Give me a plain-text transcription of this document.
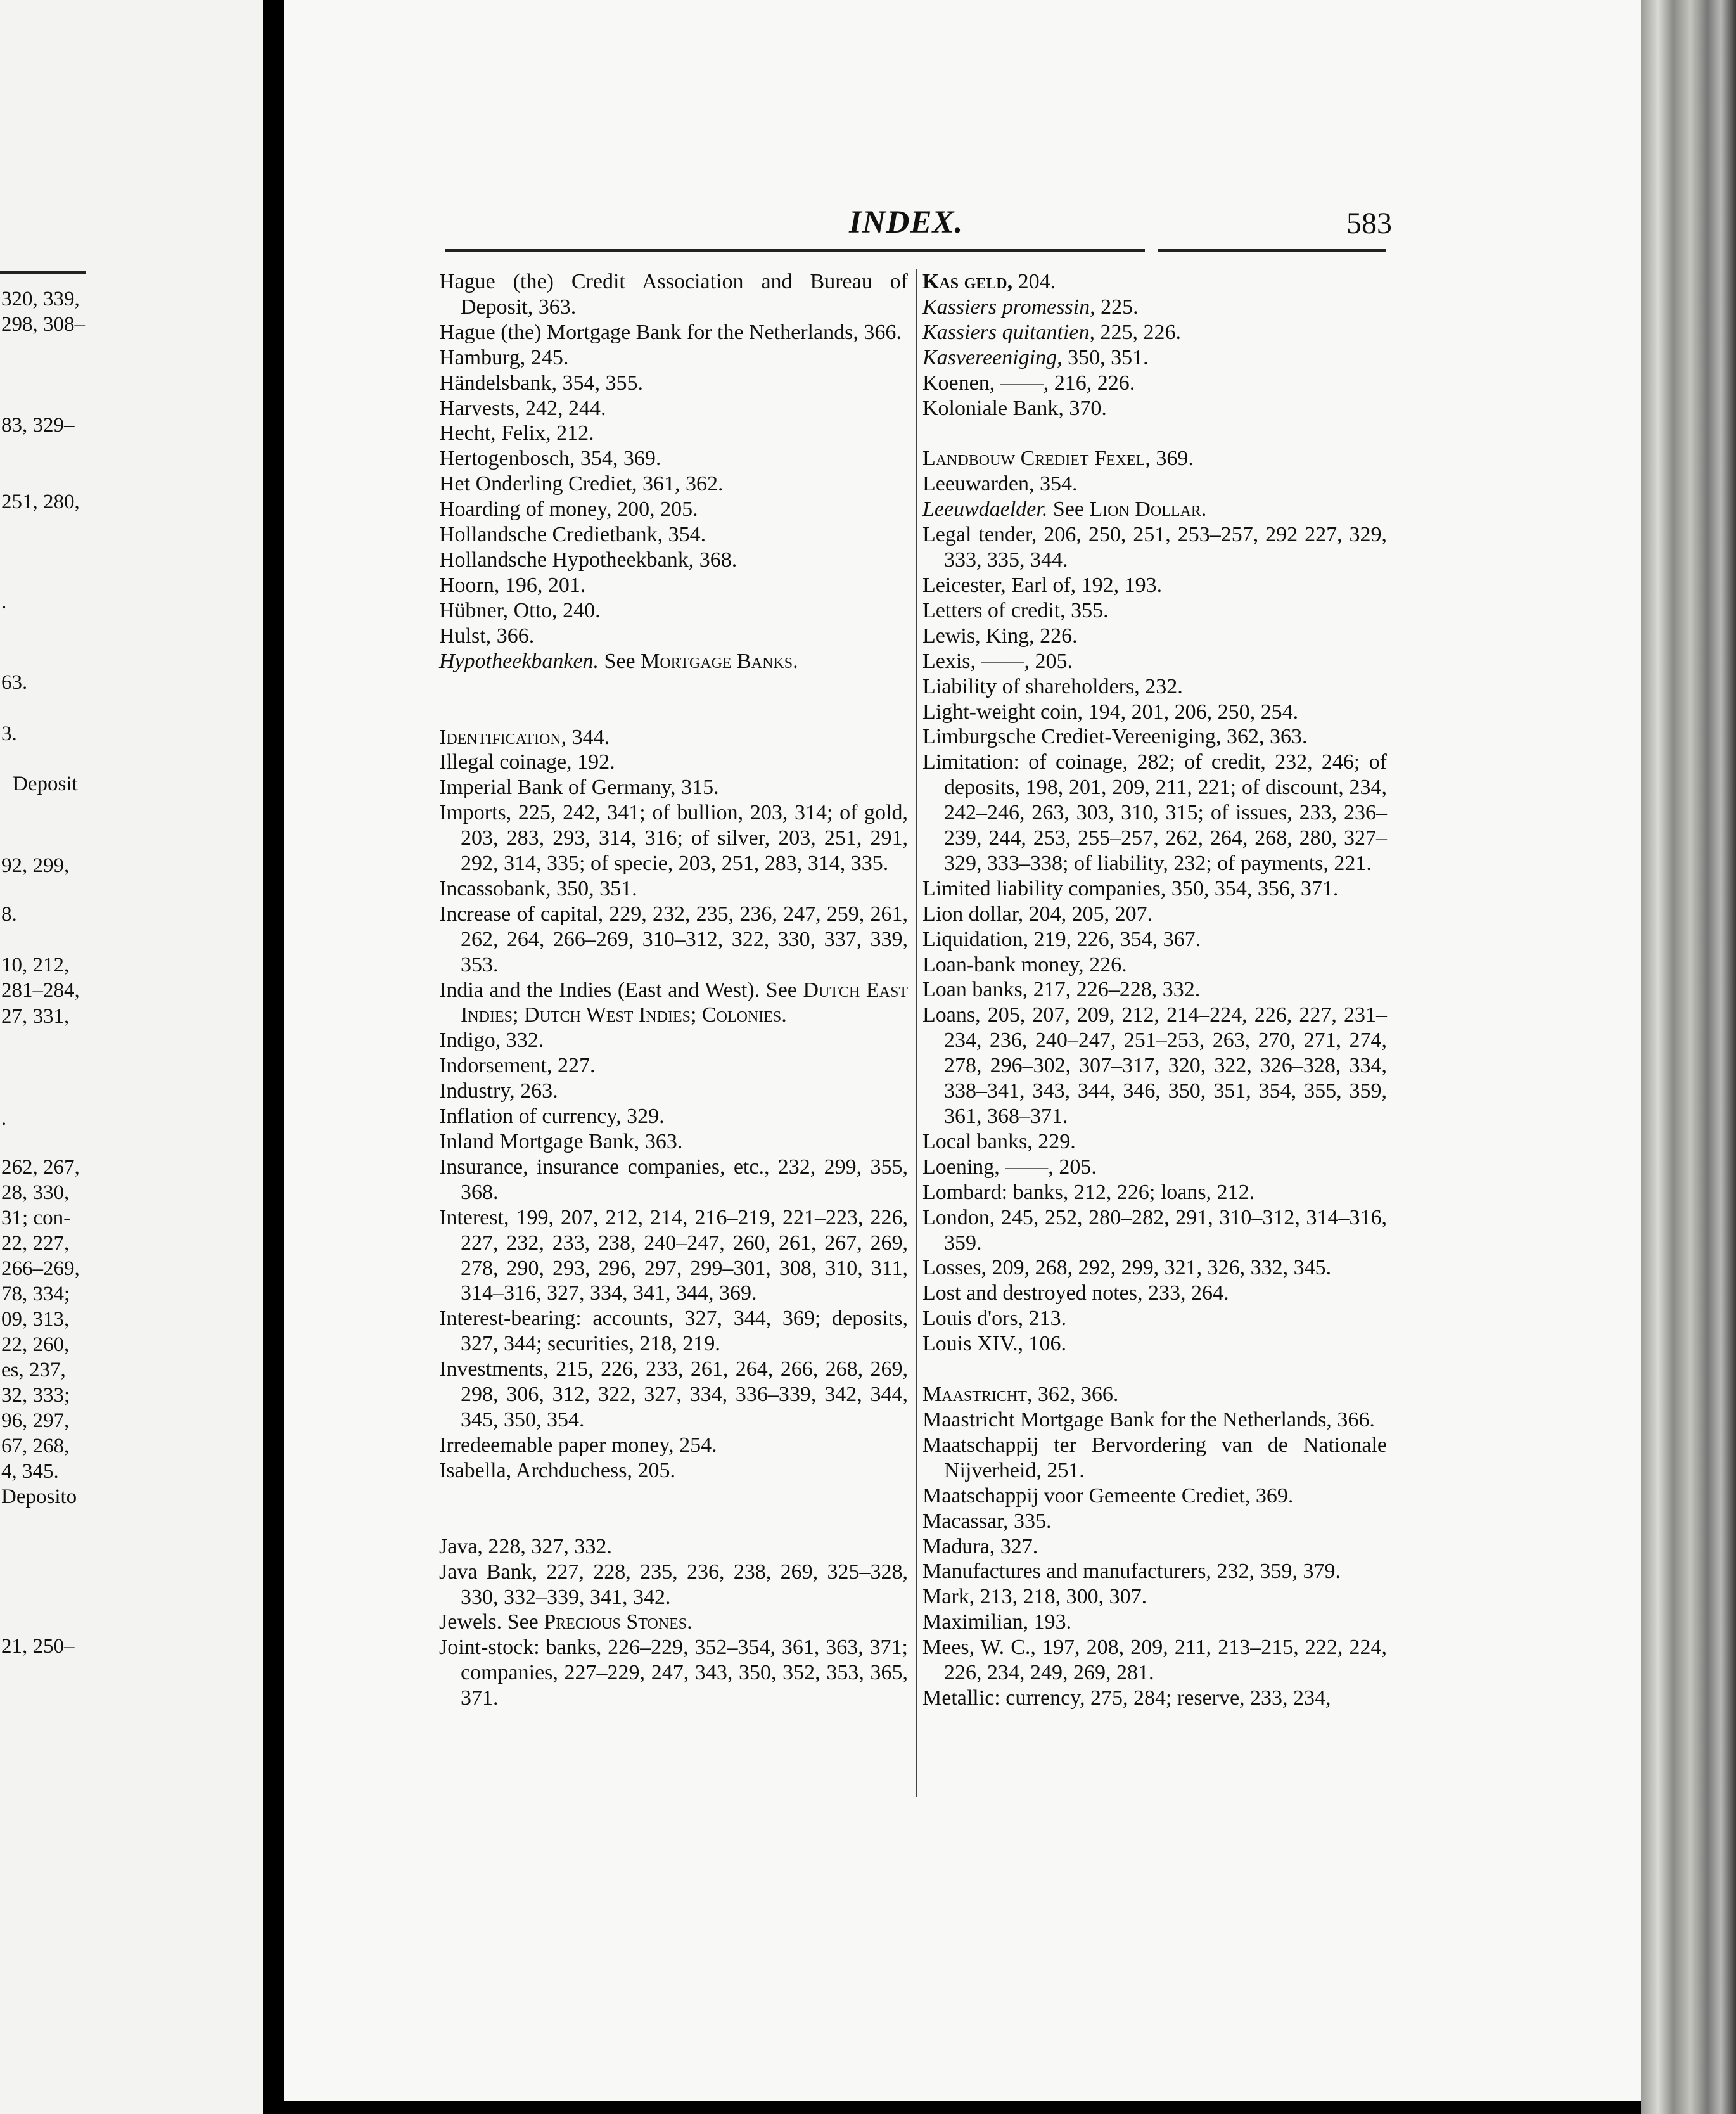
320, 339,

298, 308–

83, 329–

251, 280,

.

63.

3.

Deposit

92, 299,

8.

10, 212,

281–284,

27, 331,

.

262, 267,

28, 330,

31; con-

22, 227,

266–269,

78, 334;

09, 313,

22, 260,

es, 237,

32, 333;

96, 297,

67, 268,

4, 345.

Deposito

21, 250–

INDEX.	583

Hague (the) Credit Association and Bureau of Deposit, 363.
Hague (the) Mortgage Bank for the Netherlands, 366.
Hamburg, 245.
Händelsbank, 354, 355.
Harvests, 242, 244.
Hecht, Felix, 212.
Hertogenbosch, 354, 369.
Het Onderling Crediet, 361, 362.
Hoarding of money, 200, 205.
Hollandsche Credietbank, 354.
Hollandsche Hypotheekbank, 368.
Hoorn, 196, 201.
Hübner, Otto, 240.
Hulst, 366.
Hypotheekbanken. See Mortgage Banks.
Identification, 344.
Illegal coinage, 192.
Imperial Bank of Germany, 315.
Imports, 225, 242, 341; of bullion, 203, 314; of gold, 203, 283, 293, 314, 316; of silver, 203, 251, 291, 292, 314, 335; of specie, 203, 251, 283, 314, 335.
Incassobank, 350, 351.
Increase of capital, 229, 232, 235, 236, 247, 259, 261, 262, 264, 266–269, 310–312, 322, 330, 337, 339, 353.
India and the Indies (East and West). See Dutch East Indies; Dutch West Indies; Colonies.
Indigo, 332.
Indorsement, 227.
Industry, 263.
Inflation of currency, 329.
Inland Mortgage Bank, 363.
Insurance, insurance companies, etc., 232, 299, 355, 368.
Interest, 199, 207, 212, 214, 216–219, 221–223, 226, 227, 232, 233, 238, 240–247, 260, 261, 267, 269, 278, 290, 293, 296, 297, 299–301, 308, 310, 311, 314–316, 327, 334, 341, 344, 369.
Interest-bearing: accounts, 327, 344, 369; deposits, 327, 344; securities, 218, 219.
Investments, 215, 226, 233, 261, 264, 266, 268, 269, 298, 306, 312, 322, 327, 334, 336–339, 342, 344, 345, 350, 354.
Irredeemable paper money, 254.
Isabella, Archduchess, 205.
Java, 228, 327, 332.
Java Bank, 227, 228, 235, 236, 238, 269, 325–328, 330, 332–339, 341, 342.
Jewels. See Precious Stones.
Joint-stock: banks, 226–229, 352–354, 361, 363, 371; companies, 227–229, 247, 343, 350, 352, 353, 365, 371.
Kas geld, 204.
Kassiers promessin, 225.
Kassiers quitantien, 225, 226.
Kasvereeniging, 350, 351.
Koenen, ——, 216, 226.
Koloniale Bank, 370.
Landbouw Crediet Fexel, 369.
Leeuwarden, 354.
Leeuwdaelder. See Lion Dollar.
Legal tender, 206, 250, 251, 253–257, 292 227, 329, 333, 335, 344.
Leicester, Earl of, 192, 193.
Letters of credit, 355.
Lewis, King, 226.
Lexis, ——, 205.
Liability of shareholders, 232.
Light-weight coin, 194, 201, 206, 250, 254.
Limburgsche Crediet-Vereeniging, 362, 363.
Limitation: of coinage, 282; of credit, 232, 246; of deposits, 198, 201, 209, 211, 221; of discount, 234, 242–246, 263, 303, 310, 315; of issues, 233, 236–239, 244, 253, 255–257, 262, 264, 268, 280, 327–329, 333–338; of liability, 232; of payments, 221.
Limited liability companies, 350, 354, 356, 371.
Lion dollar, 204, 205, 207.
Liquidation, 219, 226, 354, 367.
Loan-bank money, 226.
Loan banks, 217, 226–228, 332.
Loans, 205, 207, 209, 212, 214–224, 226, 227, 231–234, 236, 240–247, 251–253, 263, 270, 271, 274, 278, 296–302, 307–317, 320, 322, 326–328, 334, 338–341, 343, 344, 346, 350, 351, 354, 355, 359, 361, 368–371.
Local banks, 229.
Loening, ——, 205.
Lombard: banks, 212, 226; loans, 212.
London, 245, 252, 280–282, 291, 310–312, 314–316, 359.
Losses, 209, 268, 292, 299, 321, 326, 332, 345.
Lost and destroyed notes, 233, 264.
Louis d'ors, 213.
Louis XIV., 106.
Maastricht, 362, 366.
Maastricht Mortgage Bank for the Netherlands, 366.
Maatschappij ter Bervordering van de Nationale Nijverheid, 251.
Maatschappij voor Gemeente Crediet, 369.
Macassar, 335.
Madura, 327.
Manufactures and manufacturers, 232, 359, 379.
Mark, 213, 218, 300, 307.
Maximilian, 193.
Mees, W. C., 197, 208, 209, 211, 213–215, 222, 224, 226, 234, 249, 269, 281.
Metallic: currency, 275, 284; reserve, 233, 234,
